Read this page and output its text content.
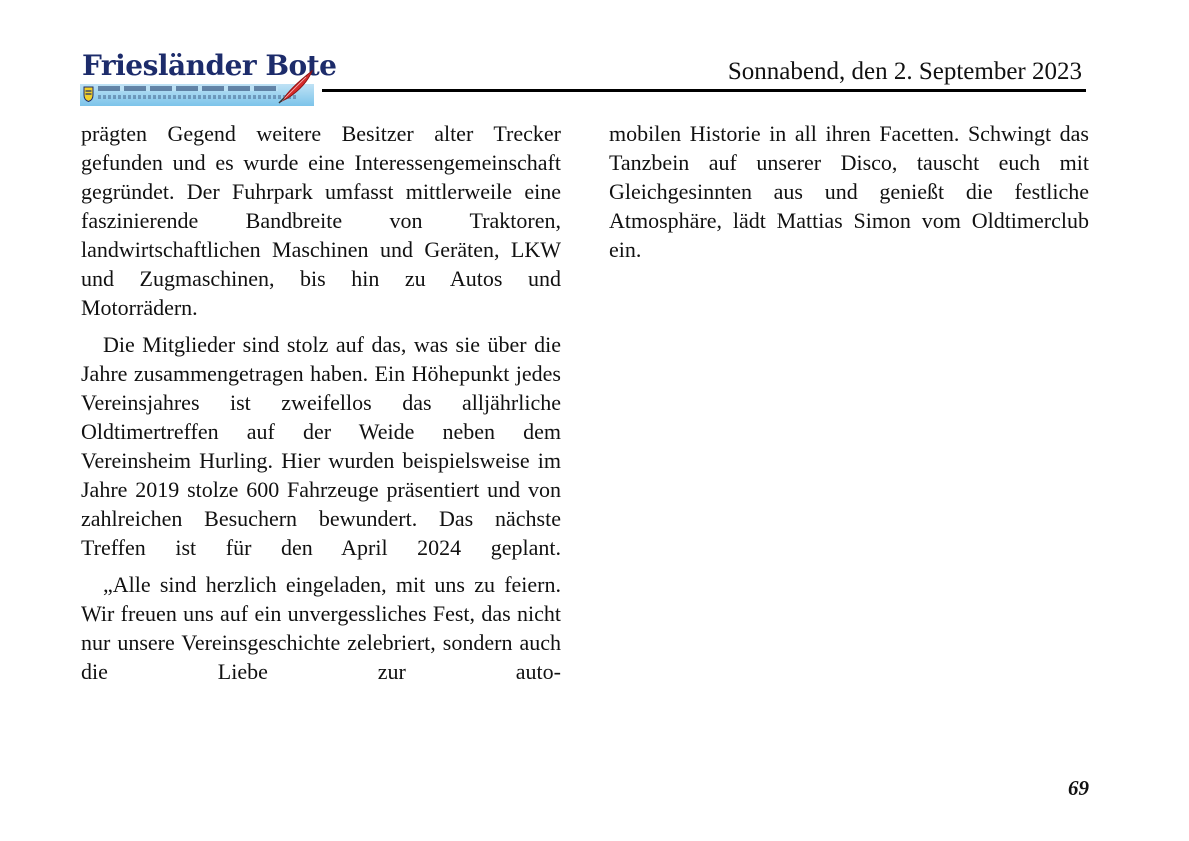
Friesländer Bote	Sonnabend, den 2. September 2023

prägten Gegend weitere Besitzer alter Trecker gefunden und es wurde eine Interessengemeinschaft gegründet. Der Fuhrpark umfasst mittlerweile eine faszinierende Bandbreite von Traktoren, landwirtschaftlichen Maschinen und Geräten, LKW und Zugmaschinen, bis hin zu Autos und Motorrädern.

Die Mitglieder sind stolz auf das, was sie über die Jahre zusammengetragen haben. Ein Höhepunkt jedes Vereinsjahres ist zweifellos das alljährliche Oldtimertreffen auf der Weide neben dem Vereinsheim Hurling. Hier wurden beispielsweise im Jahre 2019 stolze 600 Fahrzeuge präsentiert und von zahlreichen Besuchern bewundert. Das nächste Treffen ist für den April 2024 geplant.

„Alle sind herzlich eingeladen, mit uns zu feiern. Wir freuen uns auf ein unvergessliches Fest, das nicht nur unsere Vereinsgeschichte zelebriert, sondern auch die Liebe zur auto-

mobilen Historie in all ihren Facetten. Schwingt das Tanzbein auf unserer Disco, tauscht euch mit Gleichgesinnten aus und genießt die festliche Atmosphäre, lädt Mattias Simon vom Oldtimerclub ein.

69
